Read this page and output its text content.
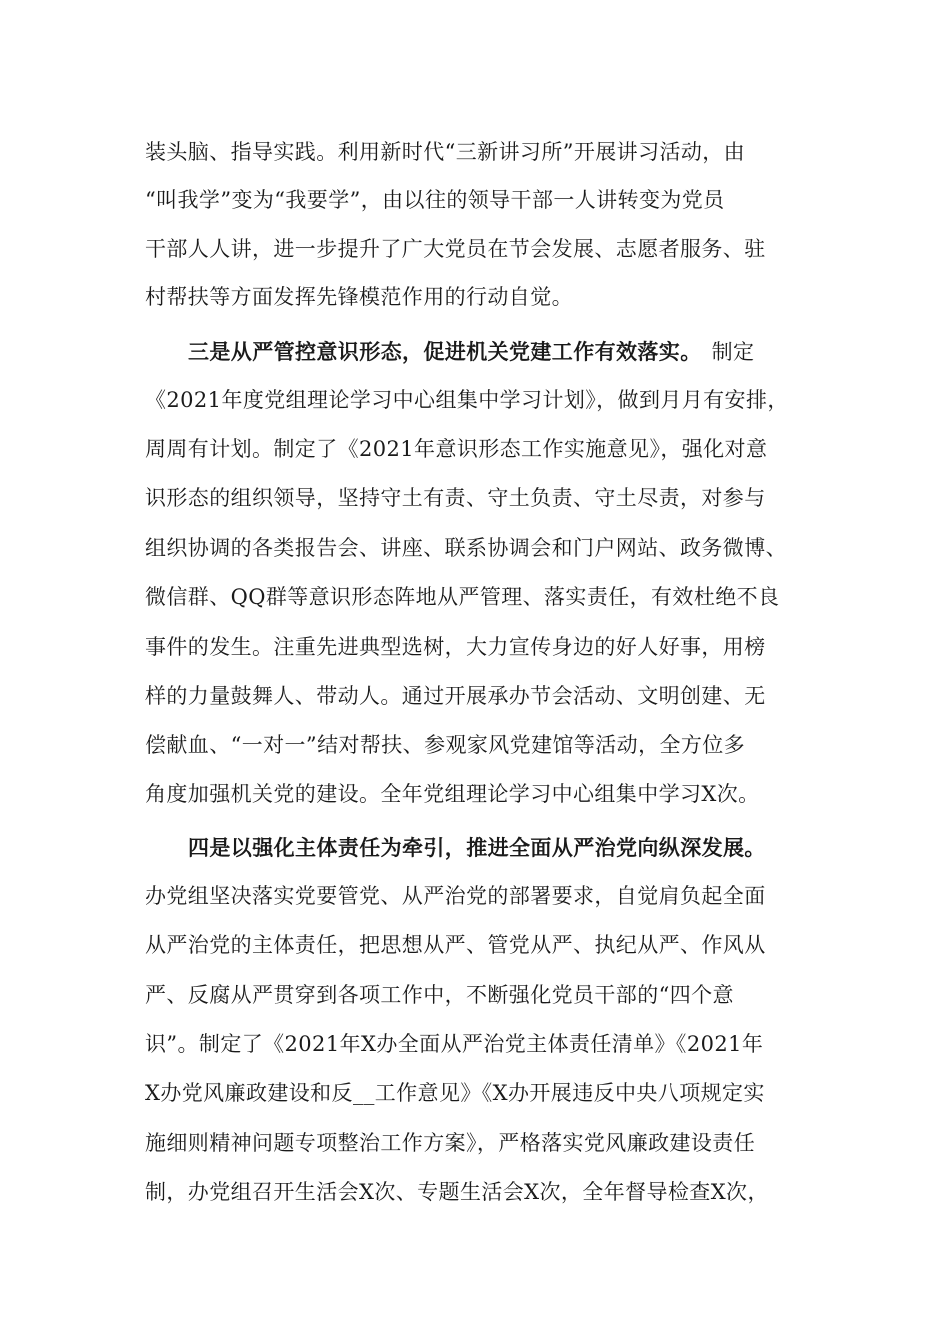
装头脑、指导实践。利用新时代“三新讲习所”开展讲习活动，由
“叫我学”变为“我要学”，由以往的领导干部一人讲转变为党员
干部人人讲，进一步提升了广大党员在节会发展、志愿者服务、驻
村帮扶等方面发挥先锋模范作用的行动自觉。
三是从严管控意识形态，促进机关党建工作有效落实。 制定
《2021年度党组理论学习中心组集中学习计划》，做到月月有安排，
周周有计划。制定了《2021年意识形态工作实施意见》，强化对意
识形态的组织领导，坚持守土有责、守土负责、守土尽责，对参与
组织协调的各类报告会、讲座、联系协调会和门户网站、政务微博、
微信群、QQ群等意识形态阵地从严管理、落实责任，有效杜绝不良
事件的发生。注重先进典型选树，大力宣传身边的好人好事，用榜
样的力量鼓舞人、带动人。通过开展承办节会活动、文明创建、无
偿献血、“一对一”结对帮扶、参观家风党建馆等活动，全方位多
角度加强机关党的建设。全年党组理论学习中心组集中学习X次。
四是以强化主体责任为牵引，推进全面从严治党向纵深发展。
办党组坚决落实党要管党、从严治党的部署要求，自觉肩负起全面
从严治党的主体责任，把思想从严、管党从严、执纪从严、作风从
严、反腐从严贯穿到各项工作中，不断强化党员干部的“四个意
识”。制定了《2021年X办全面从严治党主体责任清单》《2021年
X办党风廉政建设和反__工作意见》《X办开展违反中央八项规定实
施细则精神问题专项整治工作方案》，严格落实党风廉政建设责任
制，办党组召开生活会X次、专题生活会X次，全年督导检查X次，
